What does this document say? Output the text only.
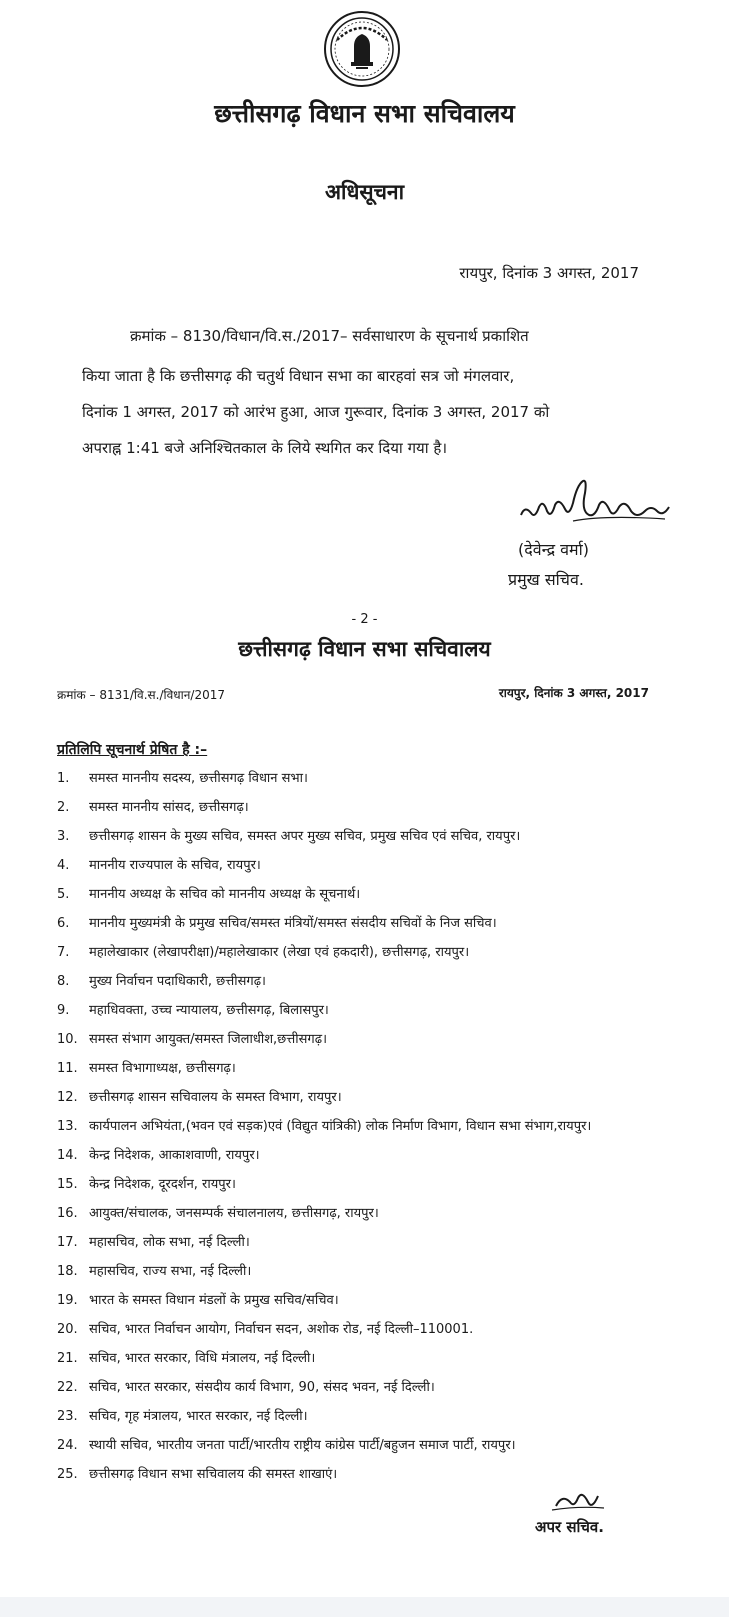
छत्तीसगढ़ विधान सभा सचिवालय
अधिसूचना
रायपुर, दिनांक 3 अगस्त, 2017

क्रमांक – 8130/विधान/वि.स./2017– सर्वसाधारण के सूचनार्थ प्रकाशित

किया जाता है कि छत्तीसगढ़ की चतुर्थ विधान सभा का बारहवां सत्र जो मंगलवार,

दिनांक 1 अगस्त, 2017 को आरंभ हुआ, आज गुरूवार, दिनांक 3 अगस्त, 2017 को

अपराह्न 1:41 बजे अनिश्चितकाल के लिये स्थगित कर दिया गया है।

(देवेन्द्र वर्मा)
प्रमुख सचिव.
- 2 -
छत्तीसगढ़ विधान सभा सचिवालय
क्रमांक – 8131/वि.स./विधान/2017	रायपुर, दिनांक 3 अगस्त, 2017
प्रतिलिपि सूचनार्थ प्रेषित है :–
1.	समस्त माननीय सदस्य, छत्तीसगढ़ विधान सभा।
2.	समस्त माननीय सांसद, छत्तीसगढ़।
3.	छत्तीसगढ़ शासन के मुख्य सचिव, समस्त अपर मुख्य सचिव, प्रमुख सचिव एवं सचिव, रायपुर।
4.	माननीय राज्यपाल के सचिव, रायपुर।
5.	माननीय अध्यक्ष के सचिव को माननीय अध्यक्ष के सूचनार्थ।
6.	माननीय मुख्यमंत्री के प्रमुख सचिव/समस्त मंत्रियों/समस्त संसदीय सचिवों के निज सचिव।
7.	महालेखाकार (लेखापरीक्षा)/महालेखाकार (लेखा एवं हकदारी), छत्तीसगढ़, रायपुर।
8.	मुख्य निर्वाचन पदाधिकारी, छत्तीसगढ़।
9.	महाधिवक्ता, उच्च न्यायालय, छत्तीसगढ़, बिलासपुर।
10. समस्त संभाग आयुक्त/समस्त जिलाधीश,छत्तीसगढ़।
11. समस्त विभागाध्यक्ष, छत्तीसगढ़।
12. छत्तीसगढ़ शासन सचिवालय के समस्त विभाग, रायपुर।
13. कार्यपालन अभियंता,(भवन एवं सड़क)एवं (विद्युत यांत्रिकी) लोक निर्माण विभाग, विधान सभा संभाग,रायपुर।
14. केन्द्र निदेशक, आकाशवाणी, रायपुर।
15. केन्द्र निदेशक, दूरदर्शन, रायपुर।
16. आयुक्त/संचालक, जनसम्पर्क संचालनालय, छत्तीसगढ़, रायपुर।
17. महासचिव, लोक सभा, नई दिल्ली।
18. महासचिव, राज्य सभा, नई दिल्ली।
19. भारत के समस्त विधान मंडलों के प्रमुख सचिव/सचिव।
20. सचिव, भारत निर्वाचन आयोग, निर्वाचन सदन, अशोक रोड, नई दिल्ली–110001.
21. सचिव, भारत सरकार, विधि मंत्रालय, नई दिल्ली।
22. सचिव, भारत सरकार, संसदीय कार्य विभाग, 90, संसद भवन, नई दिल्ली।
23. सचिव, गृह मंत्रालय, भारत सरकार, नई दिल्ली।
24. स्थायी सचिव, भारतीय जनता पार्टी/भारतीय राष्ट्रीय कांग्रेस पार्टी/बहुजन समाज पार्टी, रायपुर।
25. छत्तीसगढ़ विधान सभा सचिवालय की समस्त शाखाएं।
अपर सचिव.
